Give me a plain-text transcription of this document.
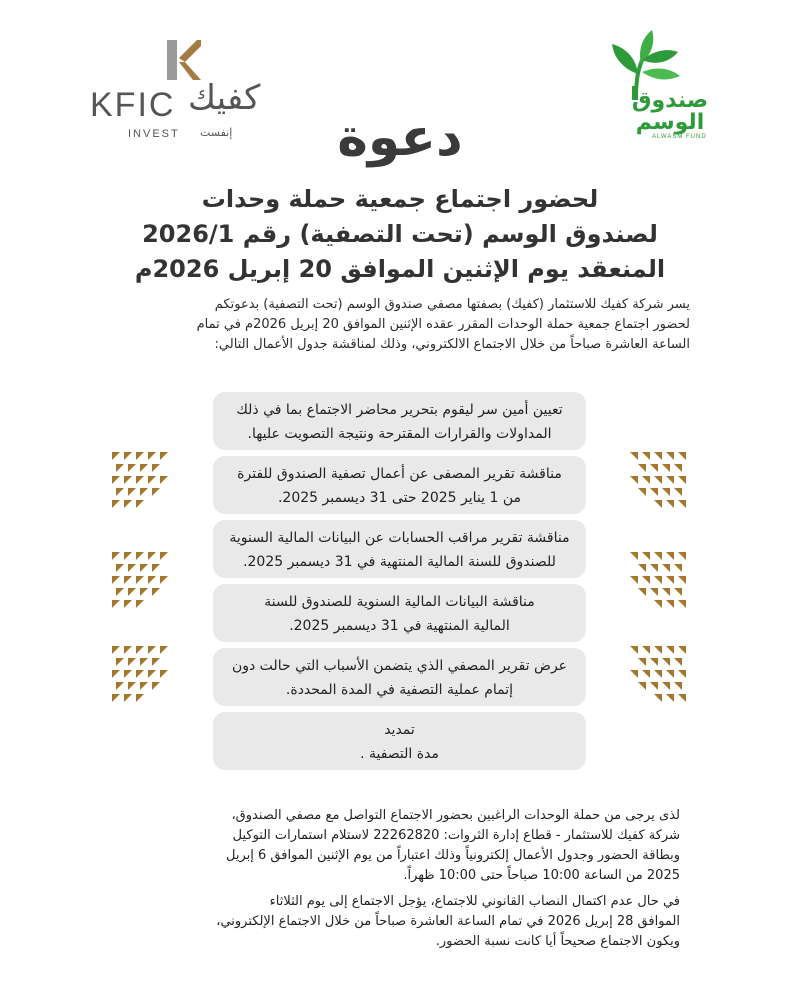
KFIC كفيك
INVEST إنفست
صندوق
الوسم
ALWASM FUND
دعوة
لحضور اجتماع جمعية حملة وحدات
لصندوق الوسم (تحت التصفية) رقم 2026/1
المنعقد يوم الإثنين الموافق 20 إبريل 2026م
يسر شركة كفيك للاستثمار (كفيك) بصفتها مصفي صندوق الوسم (تحت التصفية) بدعوتكم
لحضور اجتماع جمعية حملة الوحدات المقرر عقده الإثنين الموافق 20 إبريل 2026م في تمام
الساعة العاشرة صباحاً من خلال الاجتماع الالكتروني، وذلك لمناقشة جدول الأعمال التالي:
تعيين أمين سر ليقوم بتحرير محاضر الاجتماع بما في ذلك
المداولات والقرارات المقترحة ونتيجة التصويت عليها.
مناقشة تقرير المصفى عن أعمال تصفية الصندوق للفترة
من 1 يناير 2025 حتى 31 ديسمبر 2025.
مناقشة تقرير مراقب الحسابات عن البيانات المالية السنوية
للصندوق للسنة المالية المنتهية في 31 ديسمبر 2025.
مناقشة البيانات المالية السنوية للصندوق للسنة
المالية المنتهية في 31 ديسمبر 2025.
عرض تقرير المصفي الذي يتضمن الأسباب التي حالت دون
إتمام عملية التصفية في المدة المحددة.
تمديد
مدة التصفية .
لذى يرجى من حملة الوحدات الراغبين بحضور الاجتماع التواصل مع مصفي الصندوق،
شركة كفيك للاستثمار - قطاع إدارة الثروات: 22262820 لاستلام استمارات التوكيل
وبطاقة الحضور وجدول الأعمال إلكترونياً وذلك اعتباراً من يوم الإثنين الموافق 6 إبريل
2025 من الساعة 10:00 صباحاً حتى 10:00 ظهراً.
في حال عدم اكتمال النصاب القانوني للاجتماع، يؤجل الاجتماع إلى يوم الثلاثاء
الموافق 28 إبريل 2026 في تمام الساعة العاشرة صباحاً من خلال الاجتماع الإلكتروني،
ويكون الاجتماع صحيحاً أيا كانت نسبة الحضور.
